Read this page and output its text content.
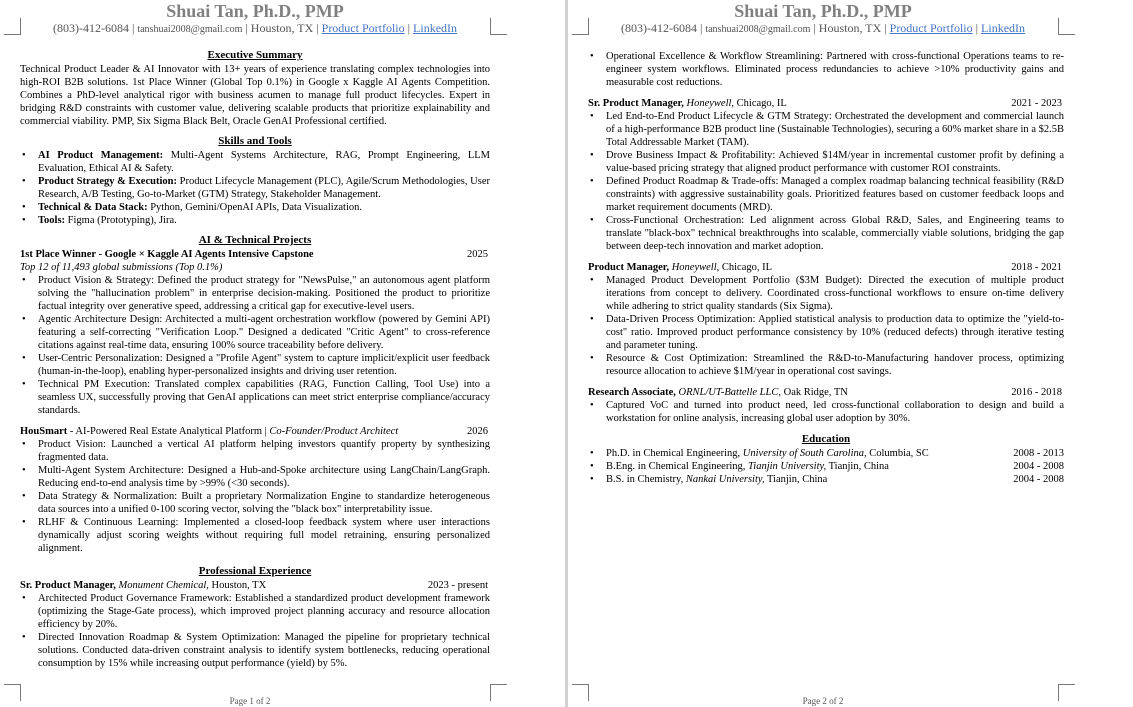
Shuai Tan, Ph.D., PMP
(803)-412-6084 | tanshuai2008@gmail.com | Houston, TX | Product Portfolio | LinkedIn
Executive Summary

Technical Product Leader & AI Innovator with 13+ years of experience translating complex technologies into high-ROI B2B solutions. 1st Place Winner (Global Top 0.1%) in Google x Kaggle AI Agents Competition. Combines a PhD-level analytical rigor with business acumen to manage full product lifecycles. Expert in bridging R&D constraints with customer value, delivering scalable products that prioritize explainability and commercial viability. PMP, Six Sigma Black Belt, Oracle GenAI Professional certified.

Skills and Tools
• AI Product Management: Multi-Agent Systems Architecture, RAG, Prompt Engineering, LLM Evaluation, Ethical AI & Safety.
• Product Strategy & Execution: Product Lifecycle Management (PLC), Agile/Scrum Methodologies, User Research, A/B Testing, Go-to-Market (GTM) Strategy, Stakeholder Management.
• Technical & Data Stack: Python, Gemini/OpenAI APIs, Data Visualization.
• Tools: Figma (Prototyping), Jira.
AI & Technical Projects
1st Place Winner - Google × Kaggle AI Agents Intensive Capstone	2025
Top 12 of 11,493 global submissions (Top 0.1%)
• Product Vision & Strategy: Defined the product strategy for "NewsPulse," an autonomous agent platform solving the "hallucination problem" in enterprise decision-making. Positioned the product to prioritize factual integrity over generative speed, addressing a critical gap for executive-level users.
• Agentic Architecture Design: Architected a multi-agent orchestration workflow (powered by Gemini API) featuring a self-correcting "Verification Loop." Designed a dedicated "Critic Agent" to cross-reference citations against real-time data, ensuring 100% source traceability before delivery.
• User-Centric Personalization: Designed a "Profile Agent" system to capture implicit/explicit user feedback (human-in-the-loop), enabling hyper-personalized insights and driving user retention.
• Technical PM Execution: Translated complex capabilities (RAG, Function Calling, Tool Use) into a seamless UX, successfully proving that GenAI applications can meet strict enterprise compliance/accuracy standards.
HouSmart - AI-Powered Real Estate Analytical Platform | Co-Founder/Product Architect	2026
• Product Vision: Launched a vertical AI platform helping investors quantify property by synthesizing fragmented data.
• Multi-Agent System Architecture: Designed a Hub-and-Spoke architecture using LangChain/LangGraph. Reducing end-to-end analysis time by >99% (<30 seconds).
• Data Strategy & Normalization: Built a proprietary Normalization Engine to standardize heterogeneous data sources into a unified 0-100 scoring vector, solving the "black box" interpretability issue.
• RLHF & Continuous Learning: Implemented a closed-loop feedback system where user interactions dynamically adjust scoring weights without requiring full model retraining, ensuring personalized alignment.
Professional Experience
Sr. Product Manager, Monument Chemical, Houston, TX	2023 - present
• Architected Product Governance Framework: Established a standardized product development framework (optimizing the Stage-Gate process), which improved project planning accuracy and resource allocation efficiency by 20%.
• Directed Innovation Roadmap & System Optimization: Managed the pipeline for proprietary technical solutions. Conducted data-driven constraint analysis to identify system bottlenecks, reducing operational consumption by 15% while increasing output performance (yield) by 5%.
Page 1 of 2
Shuai Tan, Ph.D., PMP
(803)-412-6084 | tanshuai2008@gmail.com | Houston, TX | Product Portfolio | LinkedIn
• Operational Excellence & Workflow Streamlining: Partnered with cross-functional Operations teams to re-engineer system workflows. Eliminated process redundancies to achieve >10% productivity gains and measurable cost reductions.
Sr. Product Manager, Honeywell, Chicago, IL	2021 - 2023
• Led End-to-End Product Lifecycle & GTM Strategy: Orchestrated the development and commercial launch of a high-performance B2B product line (Sustainable Technologies), securing a 60% market share in a $2.5B Total Addressable Market (TAM).
• Drove Business Impact & Profitability: Achieved $14M/year in incremental customer profit by defining a value-based pricing strategy that aligned product performance with customer ROI constraints.
• Defined Product Roadmap & Trade-offs: Managed a complex roadmap balancing technical feasibility (R&D constraints) with aggressive sustainability goals. Prioritized features based on customer feedback loops and market requirement documents (MRD).
• Cross-Functional Orchestration: Led alignment across Global R&D, Sales, and Engineering teams to translate "black-box" technical breakthroughs into scalable, commercially viable solutions, bridging the gap between deep-tech innovation and market adoption.
Product Manager, Honeywell, Chicago, IL	2018 - 2021
• Managed Product Development Portfolio ($3M Budget): Directed the execution of multiple product iterations from concept to delivery. Coordinated cross-functional workflows to ensure on-time delivery while adhering to strict quality standards (Six Sigma).
• Data-Driven Process Optimization: Applied statistical analysis to production data to optimize the "yield-to-cost" ratio. Improved product performance consistency by 10% (reduced defects) through iterative testing and parameter tuning.
• Resource & Cost Optimization: Streamlined the R&D-to-Manufacturing handover process, optimizing resource allocation to achieve $1M/year in operational cost savings.
Research Associate, ORNL/UT-Battelle LLC, Oak Ridge, TN	2016 - 2018
• Captured VoC and turned into product need, led cross-functional collaboration to design and build a workstation for online analysis, increasing global user adoption by 30%.
Education
• Ph.D. in Chemical Engineering, University of South Carolina, Columbia, SC	2008 - 2013
• B.Eng. in Chemical Engineering, Tianjin University, Tianjin, China	2004 - 2008
• B.S. in Chemistry, Nankai University, Tianjin, China	2004 - 2008
Page 2 of 2
